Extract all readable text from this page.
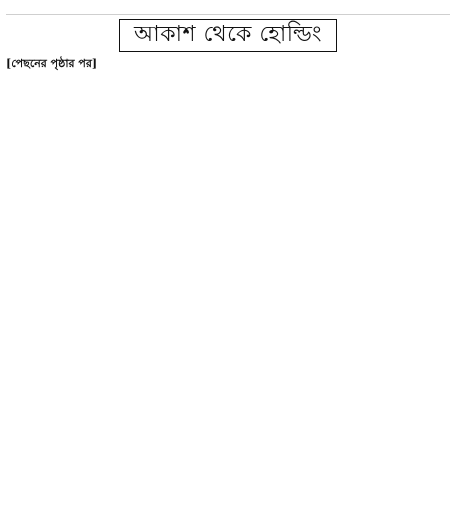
আকাশ থেকে হোল্ডিং
[পেছনের পৃষ্ঠার পর]
